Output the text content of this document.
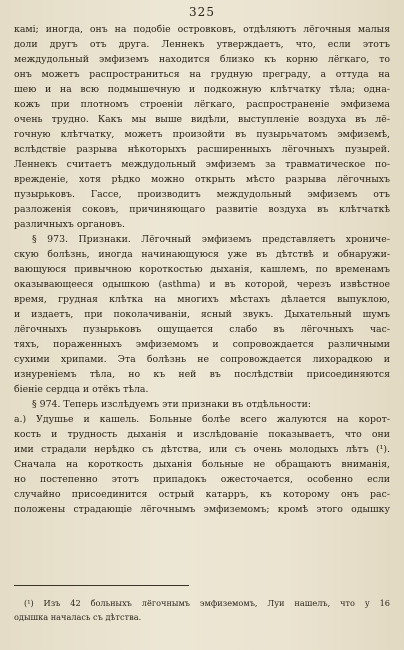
325
камі; иногда, онъ на подобіе островковъ, отдѣляютъ лёгочныя малыя
доли другъ отъ друга. Леннекъ утверждаетъ, что, если этотъ
междудольный эмфиземъ находится близко къ корню лёгкаго, то
онъ можетъ распространиться на грудную преграду, а оттуда на
шею и на всю подмышечную и подкожную клѣтчатку тѣла; одна-
кожъ при плотномъ строеніи лёгкаго, распространеніе эмфизема
очень трудно. Какъ мы выше видѣли, выступленіе воздуха въ лё-
гочную клѣтчатку, можетъ произойти въ пузырьчатомъ эмфиземѣ,
вслѣдствіе разрыва нѣкоторыхъ расширенныхъ лёгочныхъ пузырей.
Леннекъ считаетъ междудольный эмфиземъ за травматическое по-
врежденіе, хотя рѣдко можно открыть мѣсто разрыва лёгочныхъ
пузырьковъ. Гассе, производитъ междудольный эмфиземъ отъ
разложенія соковъ, причиняющаго развитіе воздуха въ клѣтчаткѣ
различныхъ органовъ.
§ 973. Признаки. Лёгочный эмфиземъ представляетъ хрониче-
скую болѣзнь, иногда начинающуюся уже въ дѣтствѣ и обнаружи-
вающуюся привычною короткостью дыханія, кашлемъ, по временамъ
оказывающееся одышкою (asthma) и въ которой, черезъ извѣстное
время, грудная клѣтка на многихъ мѣстахъ дѣлается выпуклою,
и издаетъ, при поколачиваніи, ясный звукъ. Дыхательный шумъ
лёгочныхъ пузырьковъ ощущается слабо въ лёгочныхъ час-
тяхъ, пораженныхъ эмфиземомъ и сопровождается различными
сухими хрипами. Эта болѣзнь не сопровождается лихорадкою и
изнуреніемъ тѣла, но къ ней въ послѣдствіи присоединяются
біеніе сердца и отёкъ тѣла.
§ 974. Теперь изслѣдуемъ эти признаки въ отдѣльности:
а.) Удушье и кашель. Больные болѣе всего жалуются на корот-
кость и трудность дыханія и изслѣдованіе показываетъ, что они
ими страдали нерѣдко съ дѣтства, или съ очень молодыхъ лѣтъ (¹).
Сначала на короткость дыханія больные не обращаютъ вниманія,
но постепенно этотъ припадокъ ожесточается, особенно если
случайно присоединится острый катарръ, къ которому онъ рас-
положены страдающіе лёгочнымъ эмфиземомъ; кромѣ этого одышку
(¹) Изъ 42 больныхъ лёгочнымъ эмфиземомъ, Луи нашелъ, что у 16
одышка началась съ дѣтства.
